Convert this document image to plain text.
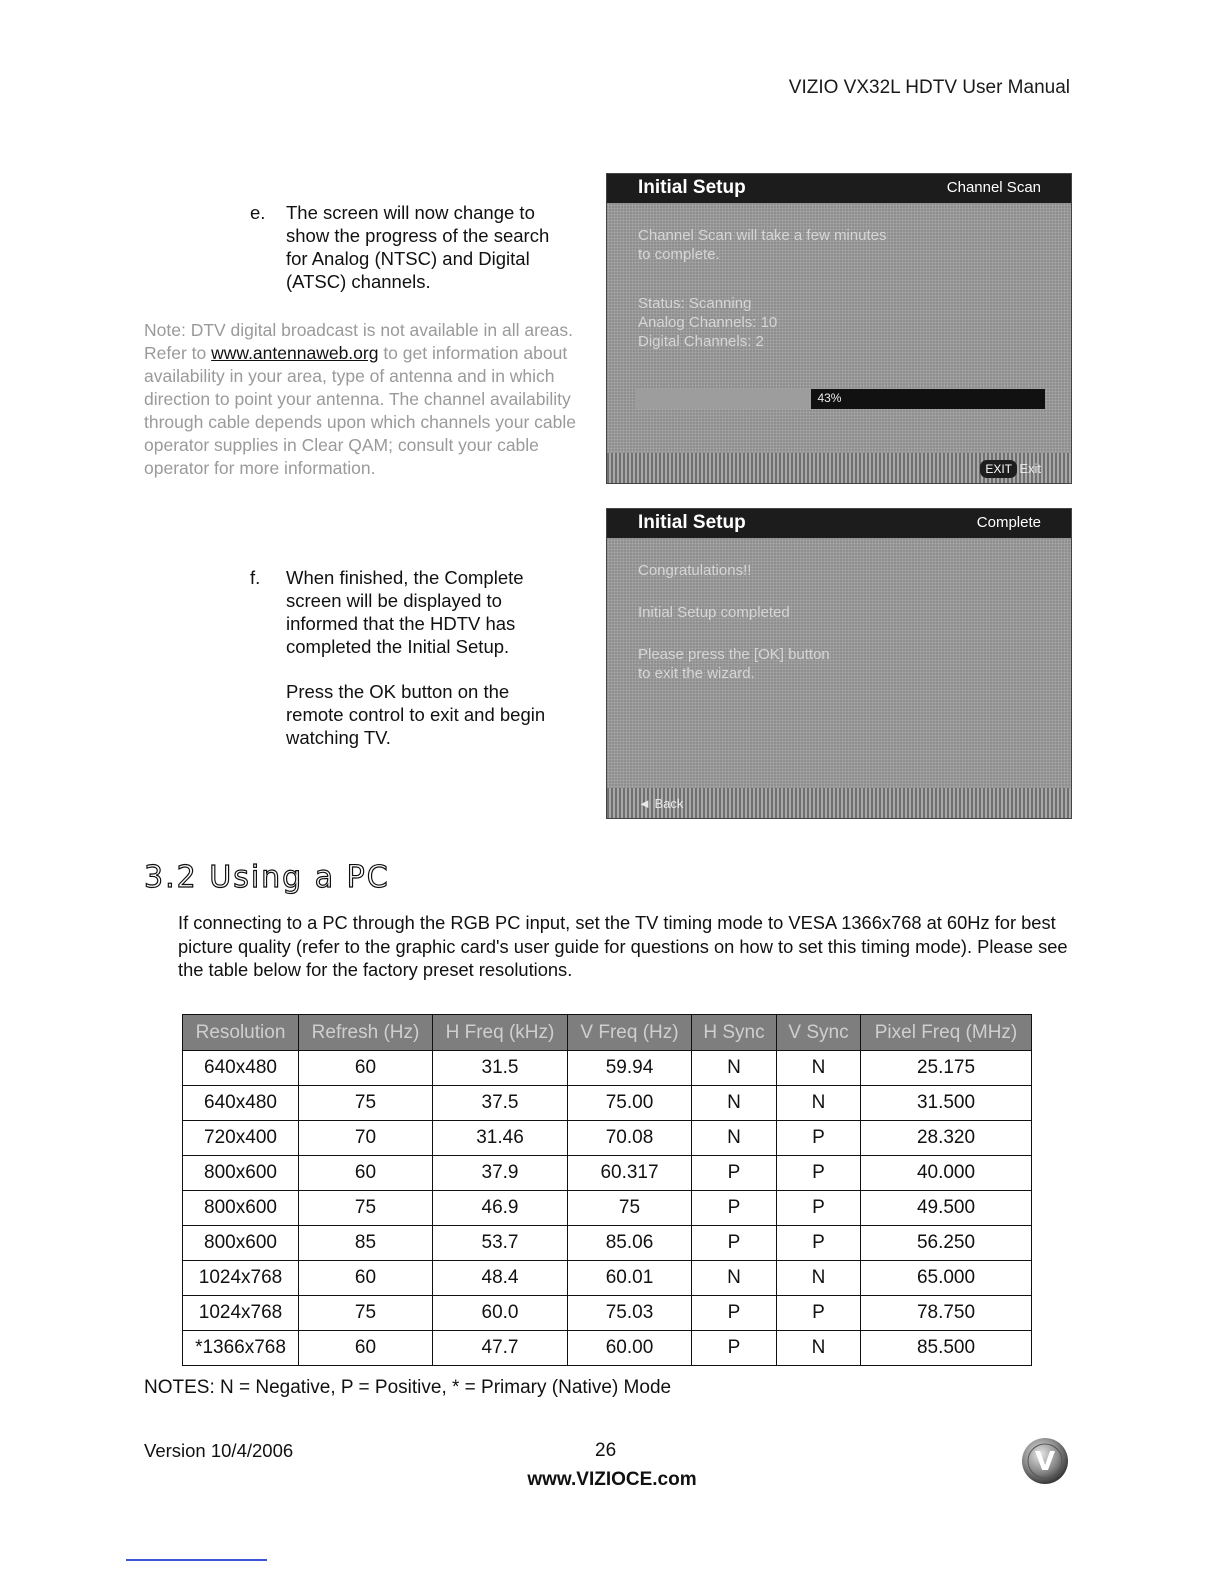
VIZIO VX32L HDTV User Manual
e. The screen will now change to
show the progress of the search
for Analog (NTSC) and Digital
(ATSC) channels.
Note: DTV digital broadcast is not available in all areas. Refer to www.antennaweb.org to get information about availability in your area, type of antenna and in which direction to point your antenna. The channel availability through cable depends upon which channels your cable operator supplies in Clear QAM; consult your cable operator for more information.
f. When finished, the Complete
screen will be displayed to
informed that the HDTV has
completed the Initial Setup.
Press the OK button on the
remote control to exit and begin
watching TV.
Initial Setup	Channel Scan
Channel Scan will take a few minutes
to complete.
Status: Scanning
Analog Channels: 10
Digital Channels: 2
43%
EXIT Exit
Initial Setup	Complete
Congratulations!!
Initial Setup completed
Please press the [OK] button
to exit the wizard.
◄ Back
3.2 Using a PC
If connecting to a PC through the RGB PC input, set the TV timing mode to VESA 1366x768 at 60Hz for best picture quality (refer to the graphic card's user guide for questions on how to set this timing mode). Please see the table below for the factory preset resolutions.
Resolution	Refresh (Hz)	H Freq (kHz)	V Freq (Hz)	H Sync	V Sync	Pixel Freq (MHz)
640x480	60	31.5	59.94	N	N	25.175
640x480	75	37.5	75.00	N	N	31.500
720x400	70	31.46	70.08	N	P	28.320
800x600	60	37.9	60.317	P	P	40.000
800x600	75	46.9	75	P	P	49.500
800x600	85	53.7	85.06	P	P	56.250
1024x768	60	48.4	60.01	N	N	65.000
1024x768	75	60.0	75.03	P	P	78.750
*1366x768	60	47.7	60.00	P	N	85.500
NOTES: N = Negative, P = Positive, * = Primary (Native) Mode
Version 10/4/2006	26
www.VIZIOCE.com
V
